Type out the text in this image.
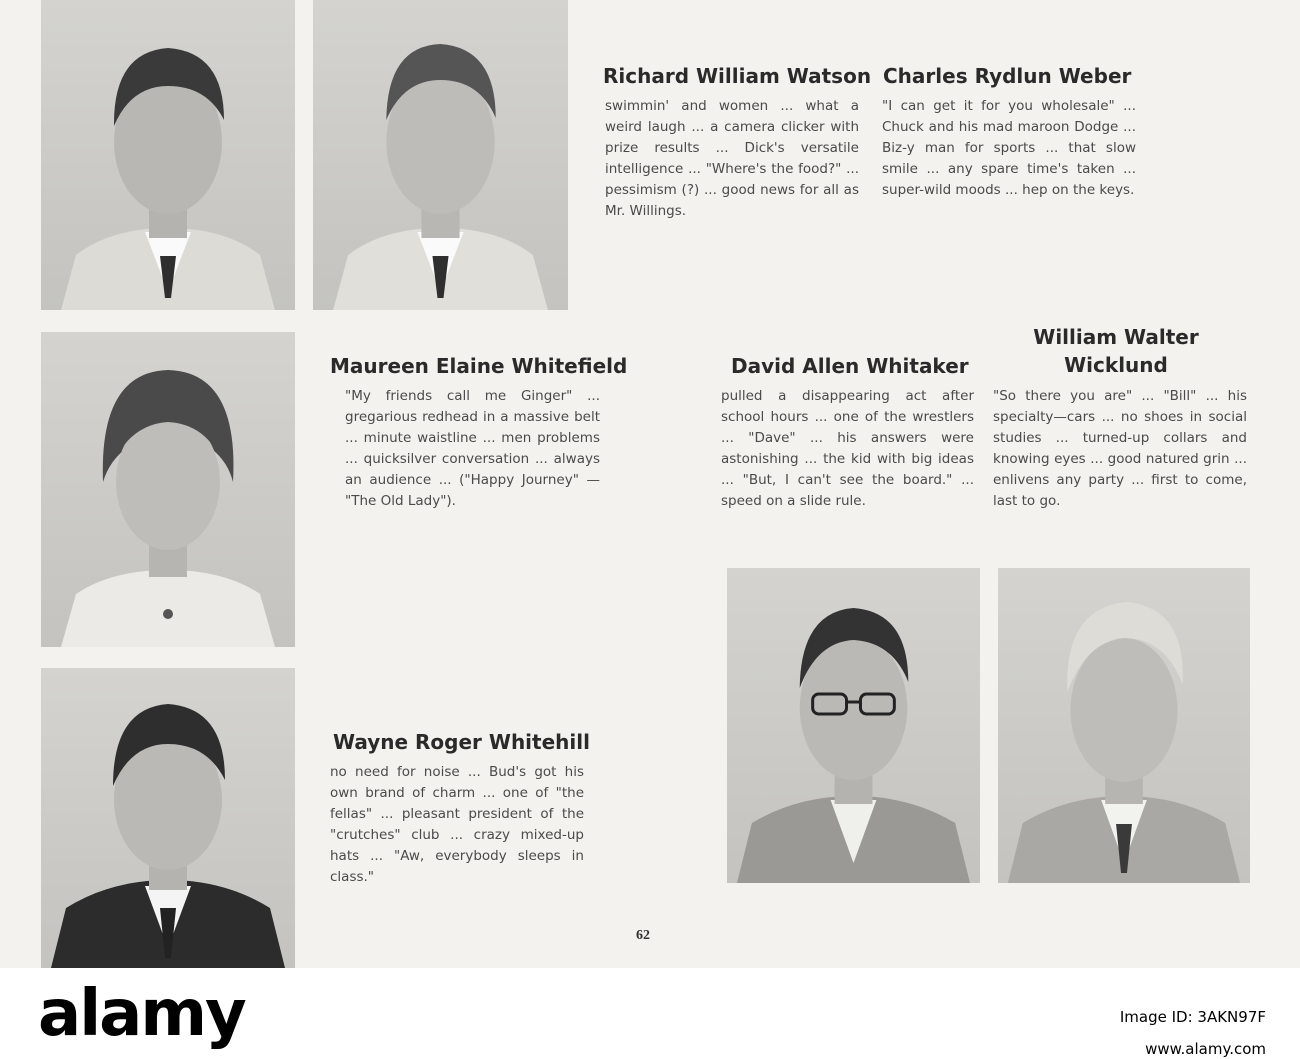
Richard William Watson

swimmin' and women ... what a weird laugh ... a camera clicker with prize results ... Dick's versatile intelligence ... "Where's the food?" ... pessimism (?) ... good news for all as Mr. Willings.

Charles Rydlun Weber

"I can get it for you wholesale" ... Chuck and his mad maroon Dodge ... Biz-y man for sports ... that slow smile ... any spare time's taken ... super-wild moods ... hep on the keys.

Maureen Elaine Whitefield

"My friends call me Ginger" ... gregarious redhead in a massive belt ... minute waistline ... men problems ... quicksilver conversation ... always an audience ... ("Happy Journey" — "The Old Lady").

David Allen Whitaker

pulled a disappearing act after school hours ... one of the wrestlers ... "Dave" ... his answers were astonishing ... the kid with big ideas ... "But, I can't see the board." ... speed on a slide rule.

William Walter Wicklund

"So there you are" ... "Bill" ... his specialty—cars ... no shoes in social studies ... turned-up collars and knowing eyes ... good natured grin ... enlivens any party ... first to come, last to go.

Wayne Roger Whitehill

no need for noise ... Bud's got his own brand of charm ... one of "the fellas" ... pleasant president of the "crutches" club ... crazy mixed-up hats ... "Aw, everybody sleeps in class."

62

alamy	Image ID: 3AKN97F

www.alamy.com
